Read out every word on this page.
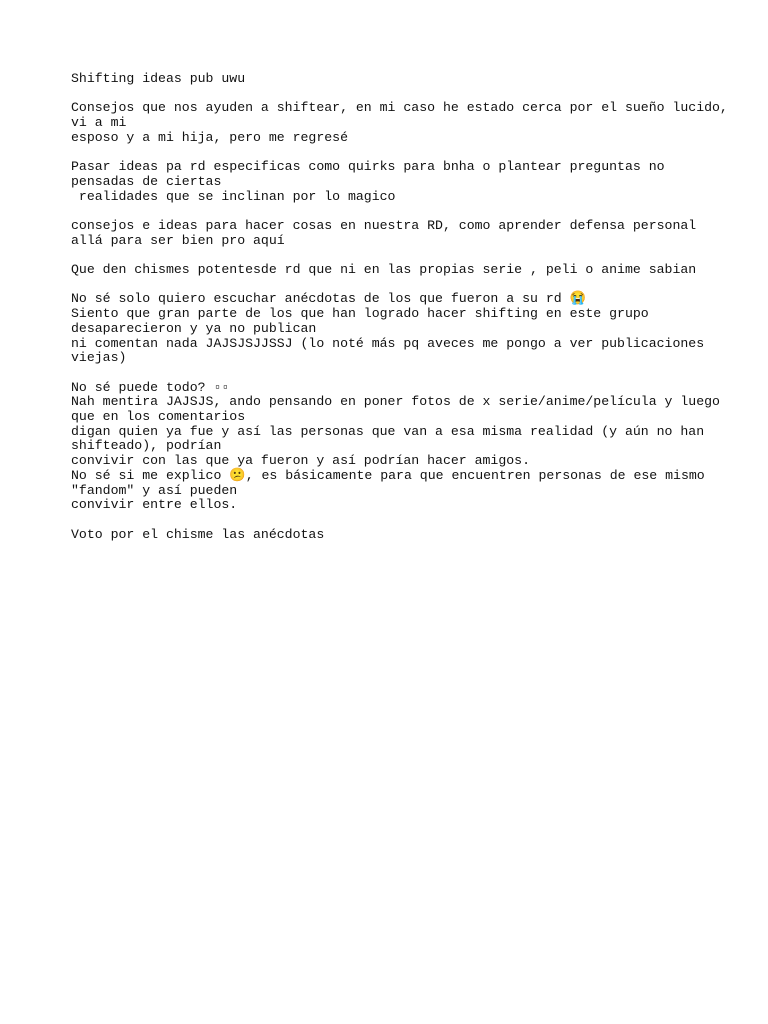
Shifting ideas pub uwu
Consejos que nos ayuden a shiftear, en mi caso he estado cerca por el sueño lucido,
vi a mi
esposo y a mi hija, pero me regresé
Pasar ideas pa rd especificas como quirks para bnha o plantear preguntas no
pensadas de ciertas
realidades que se inclinan por lo magico
consejos e ideas para hacer cosas en nuestra RD, como aprender defensa personal
allá para ser bien pro aquí
Que den chismes potentesde rd que ni en las propias serie , peli o anime sabian
No sé solo quiero escuchar anécdotas de los que fueron a su rd 😭
Siento que gran parte de los que han logrado hacer shifting en este grupo
desaparecieron y ya no publican
ni comentan nada JAJSJSJJSSJ (lo noté más pq aveces me pongo a ver publicaciones
viejas)
No sé puede todo? ▫▫
Nah mentira JAJSJS, ando pensando en poner fotos de x serie/anime/película y luego
que en los comentarios
digan quien ya fue y así las personas que van a esa misma realidad (y aún no han
shifteado), podrían
convivir con las que ya fueron y así podrían hacer amigos.
No sé si me explico 😕, es básicamente para que encuentren personas de ese mismo
"fandom" y así pueden
convivir entre ellos.
Voto por el chisme las anécdotas
